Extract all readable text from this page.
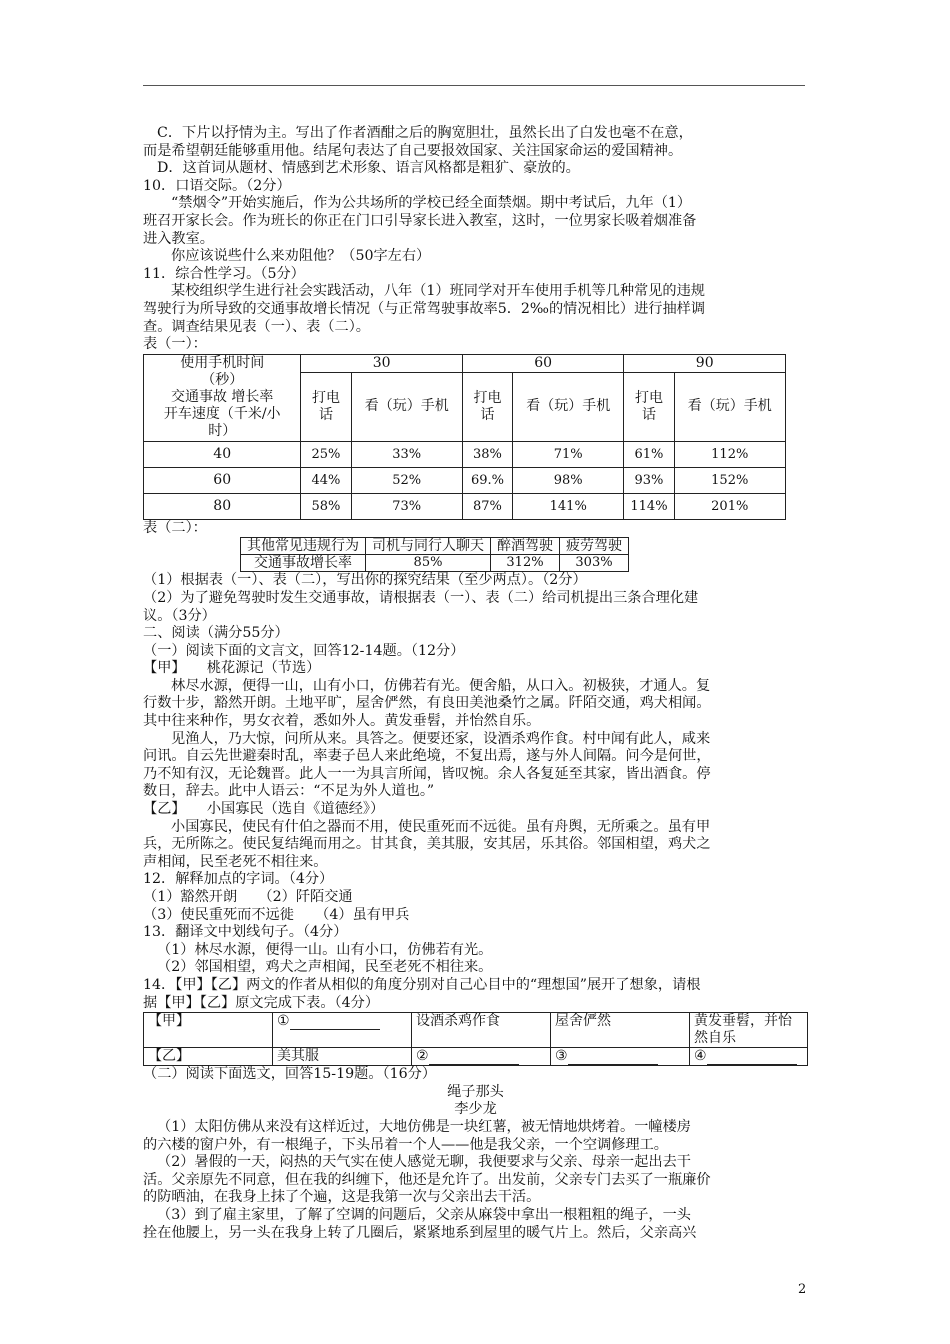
C．下片以抒情为主。写出了作者酒酣之后的胸宽胆壮，虽然长出了白发也毫不在意，

而是希望朝廷能够重用他。结尾句表达了自己要报效国家、关注国家命运的爱国精神。

D．这首词从题材、情感到艺术形象、语言风格都是粗犷、豪放的。

10．口语交际。（2分）

“禁烟令”开始实施后，作为公共场所的学校已经全面禁烟。期中考试后，九年（1）

班召开家长会。作为班长的你正在门口引导家长进入教室，这时，一位男家长吸着烟准备

进入教室。

你应该说些什么来劝阻他？（50字左右）

11．综合性学习。（5分）

某校组织学生进行社会实践活动，八年（1）班同学对开车使用手机等几种常见的违规

驾驶行为所导致的交通事故增长情况（与正常驾驶事故率5．2‰的情况相比）进行抽样调

查。调查结果见表（一）、表（二）。

表（一）：

使用手机时间
（秒）
交通事故 增长率
开车速度（千米/小
时）	30		60		90	
	打电话	看（玩）手机	打电话	看（玩）手机	打电话	看（玩）手机
40	25%	33%	38%	71%	61%	112%
60	44%	52%	69.%	98%	93%	152%
80	58%	73%	87%	141%	114%	201%

表（二）：

其他常见违规行为	司机与同行人聊天	醉酒驾驶	疲劳驾驶
交通事故增长率	85%	312%	303%

（1）根据表（一）、表（二），写出你的探究结果（至少两点）。（2分）

（2）为了避免驾驶时发生交通事故，请根据表（一）、表（二）给司机提出三条合理化建

议。（3分）

二、阅读（满分55分）

（一）阅读下面的文言文，回答12-14题。（12分）

【甲】　　桃花源记（节选）

林尽水源，便得一山，山有小口，仿佛若有光。便舍船，从口入。初极狭，才通人。复

行数十步，豁然开朗。土地平旷，屋舍俨然，有良田美池桑竹之属。阡陌交通，鸡犬相闻。

其中往来种作，男女衣着，悉如外人。黄发垂髫，并怡然自乐。

见渔人，乃大惊，问所从来。具答之。便要还家，设酒杀鸡作食。村中闻有此人，咸来

问讯。自云先世避秦时乱，率妻子邑人来此绝境，不复出焉，遂与外人间隔。问今是何世，

乃不知有汉，无论魏晋。此人一一为具言所闻，皆叹惋。余人各复延至其家，皆出酒食。停

数日，辞去。此中人语云：“不足为外人道也。”

【乙】　　小国寡民（选自《道德经》）

小国寡民，使民有什伯之器而不用，使民重死而不远徙。虽有舟舆，无所乘之。虽有甲

兵，无所陈之。使民复结绳而用之。甘其食，美其服，安其居，乐其俗。邻国相望，鸡犬之

声相闻，民至老死不相往来。

12．解释加点的字词。（4分）

（1）豁然开朗　　（2）阡陌交通

（3）使民重死而不远徙　　（4）虽有甲兵

13．翻译文中划线句子。（4分）

（1）林尽水源，便得一山。山有小口，仿佛若有光。

（2）邻国相望，鸡犬之声相闻，民至老死不相往来。

14．【甲】【乙】两文的作者从相似的角度分别对自己心目中的“理想国”展开了想象，请根

据【甲】【乙】原文完成下表。（4分）

【甲】	①	设酒杀鸡作食	屋舍俨然	黄发垂髫，并怡然自乐
【乙】	美其服	②	③	④

（二）阅读下面选文，回答15-19题。（16分）

绳子那头

李少龙

（1）太阳仿佛从来没有这样近过，大地仿佛是一块红薯，被无情地烘烤着。一幢楼房

的六楼的窗户外，有一根绳子，下头吊着一个人——他是我父亲，一个空调修理工。

（2）暑假的一天，闷热的天气实在使人感觉无聊，我便要求与父亲、母亲一起出去干

活。父亲原先不同意，但在我的纠缠下，他还是允许了。出发前，父亲专门去买了一瓶廉价

的防晒油，在我身上抹了个遍，这是我第一次与父亲出去干活。

（3）到了雇主家里，了解了空调的问题后，父亲从麻袋中拿出一根粗粗的绳子，一头

拴在他腰上，另一头在我身上转了几圈后，紧紧地系到屋里的暖气片上。然后，父亲高兴

2
